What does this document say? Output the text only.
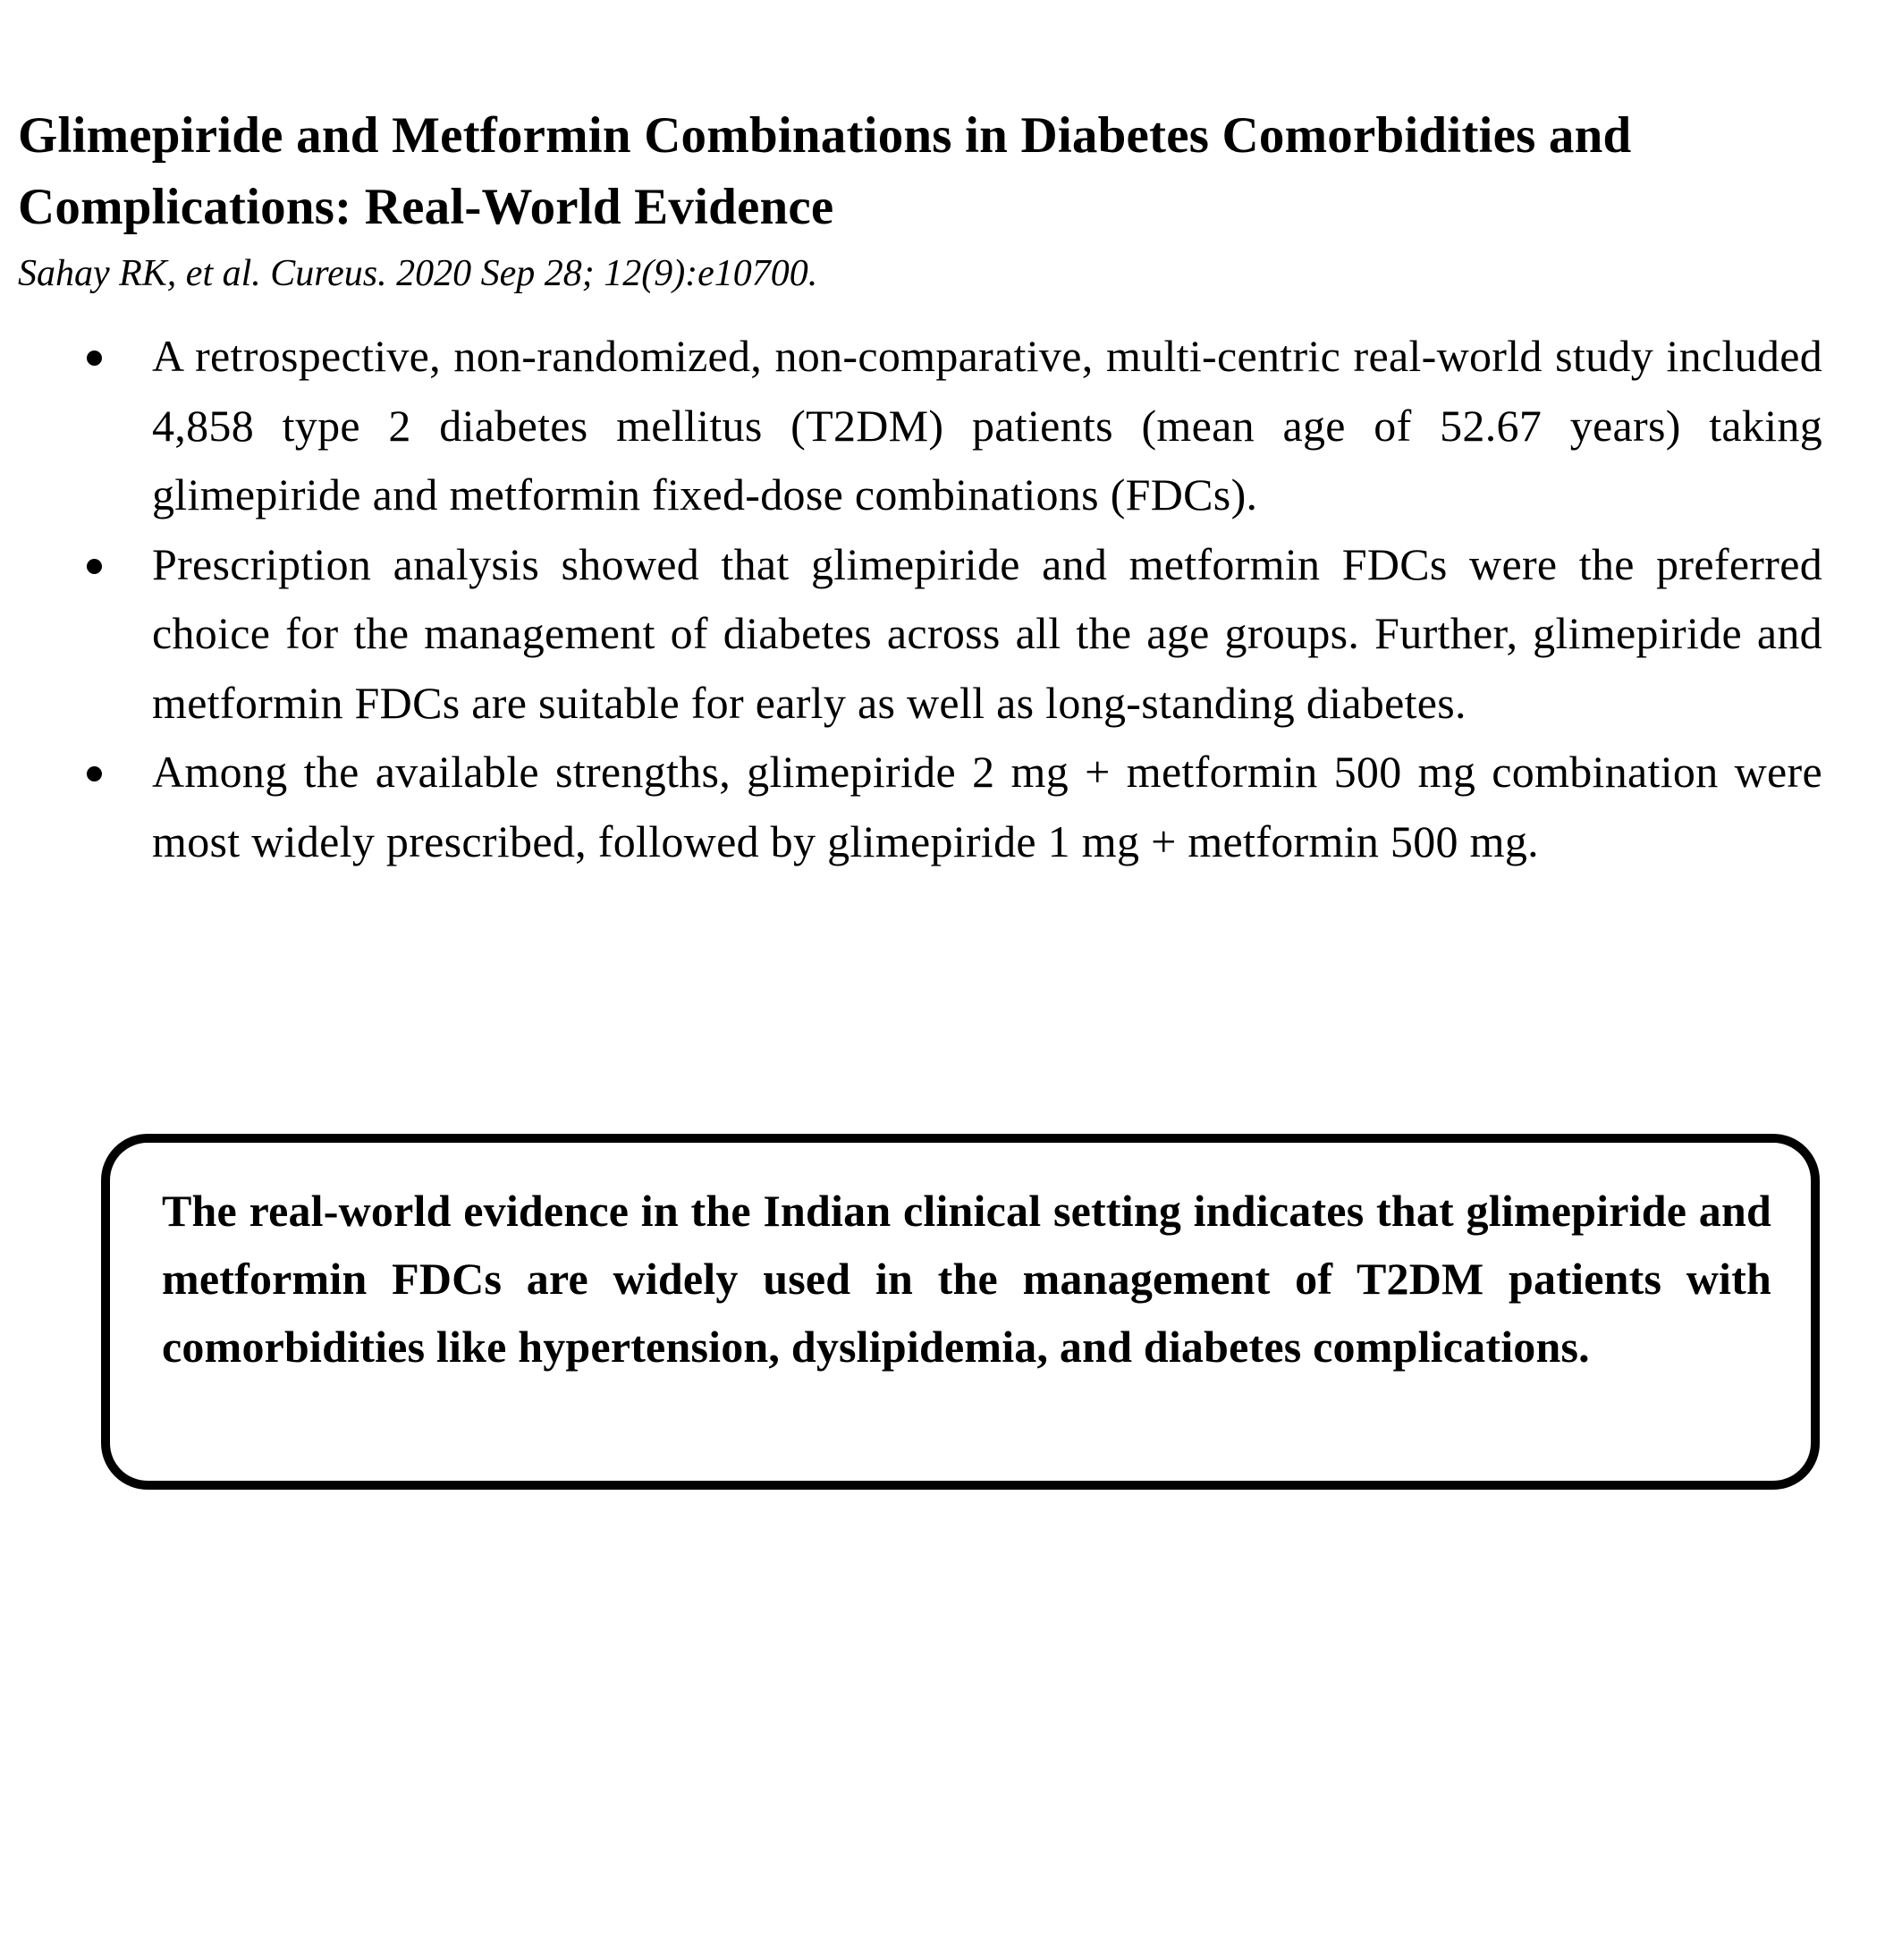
Glimepiride and Metformin Combinations in Diabetes Comorbidities and Complications: Real-World Evidence

Sahay RK, et al. Cureus. 2020 Sep 28; 12(9):e10700.

A retrospective, non-randomized, non-comparative, multi-centric real-world study included 4,858 type 2 diabetes mellitus (T2DM) patients (mean age of 52.67 years) taking glimepiride and metformin fixed-dose combinations (FDCs).
Prescription analysis showed that glimepiride and metformin FDCs were the preferred choice for the management of diabetes across all the age groups. Further, glimepiride and metformin FDCs are suitable for early as well as long-standing diabetes.
Among the available strengths, glimepiride 2 mg + metformin 500 mg combination were most widely prescribed, followed by glimepiride 1 mg + metformin 500 mg.

The real-world evidence in the Indian clinical setting indicates that glimepiride and metformin FDCs are widely used in the management of T2DM patients with comorbidities like hypertension, dyslipidemia, and diabetes complications.
